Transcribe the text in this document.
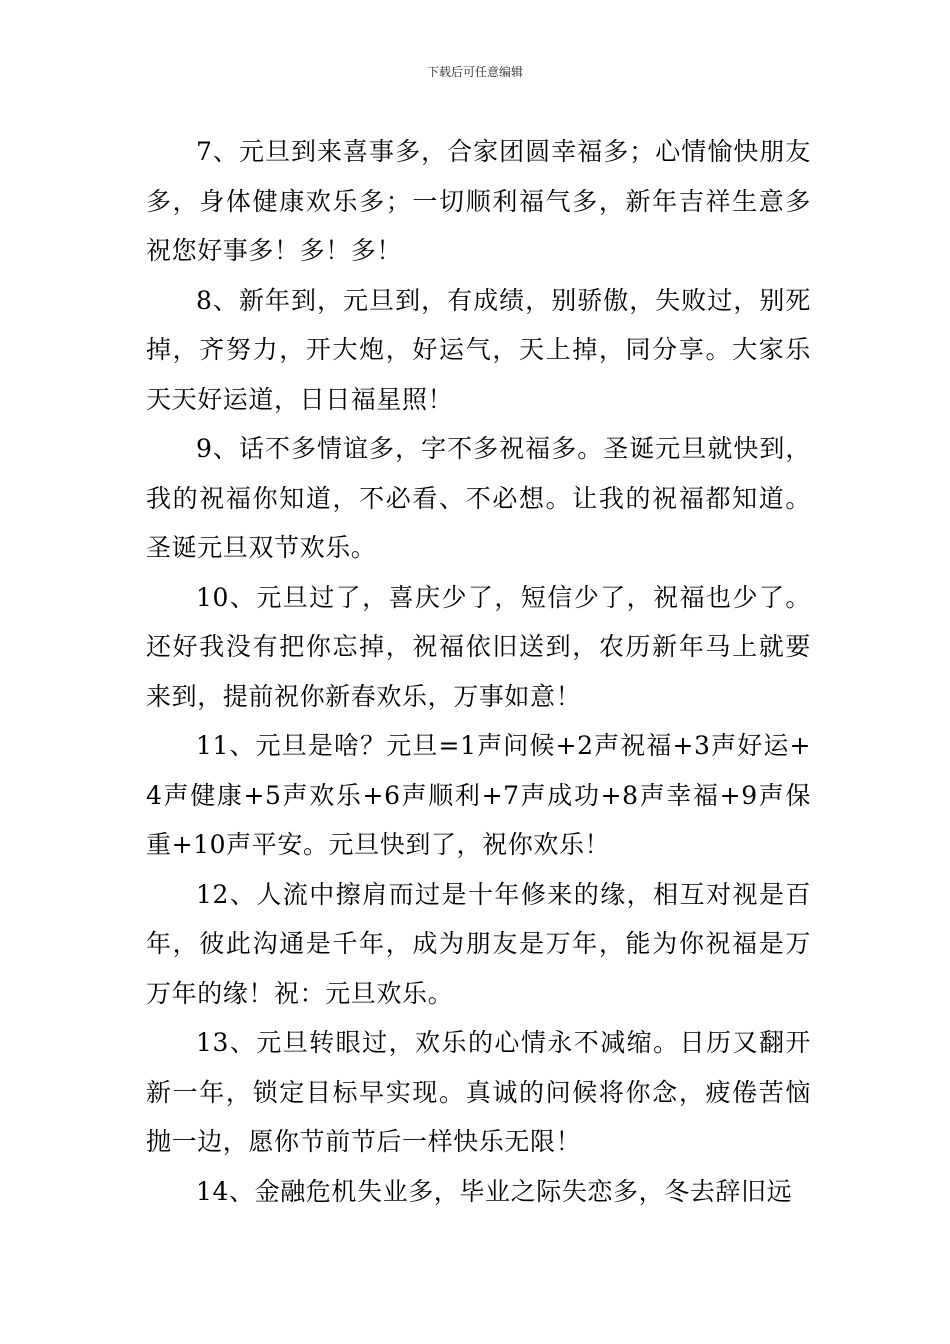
下载后可任意编辑

7、元旦到来喜事多，合家团圆幸福多；心情愉快朋友多，身体健康欢乐多；一切顺利福气多，新年吉祥生意多祝您好事多！多！多！

8、新年到，元旦到，有成绩，别骄傲，失败过，别死掉，齐努力，开大炮，好运气，天上掉，同分享。大家乐天天好运道，日日福星照！

9、话不多情谊多，字不多祝福多。圣诞元旦就快到，我的祝福你知道，不必看、不必想。让我的祝福都知道。圣诞元旦双节欢乐。

10、元旦过了，喜庆少了，短信少了，祝福也少了。还好我没有把你忘掉，祝福依旧送到，农历新年马上就要来到，提前祝你新春欢乐，万事如意！

11、元旦是啥？元旦=1声问候+2声祝福+3声好运+4声健康+5声欢乐+6声顺利+7声成功+8声幸福+9声保重+10声平安。元旦快到了，祝你欢乐！

12、人流中擦肩而过是十年修来的缘，相互对视是百年，彼此沟通是千年，成为朋友是万年，能为你祝福是万万年的缘！祝：元旦欢乐。

13、元旦转眼过，欢乐的心情永不减缩。日历又翻开新一年，锁定目标早实现。真诚的问候将你念，疲倦苦恼抛一边，愿你节前节后一样快乐无限！

14、金融危机失业多，毕业之际失恋多，冬去辞旧远
